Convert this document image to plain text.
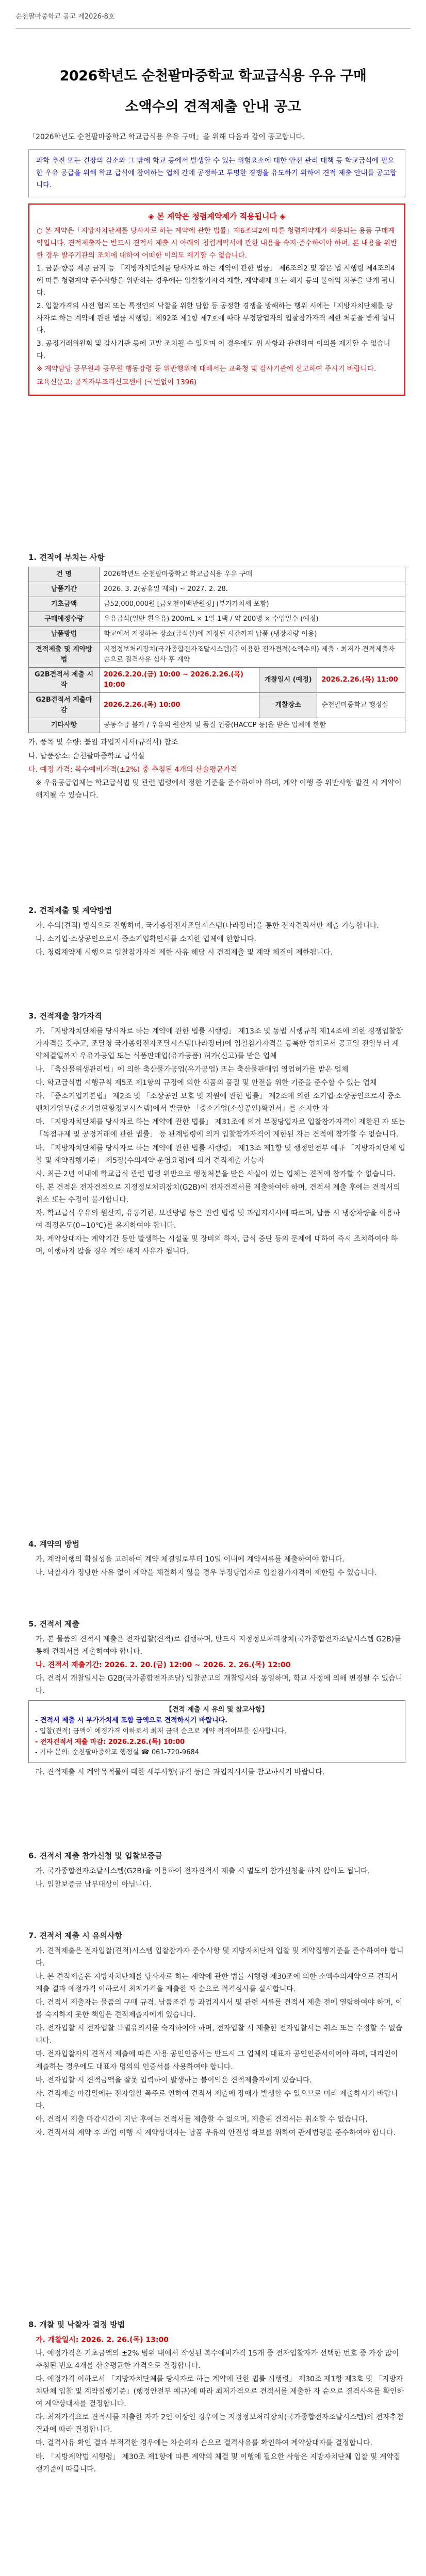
순천팔마중학교 공고 제2026-8호
2026학년도 순천팔마중학교 학교급식용 우유 구매
소액수의 견적제출 안내 공고
「2026학년도 순천팔마중학교 학교급식용 우유 구매」을 위해 다음과 같이 공고합니다.
과학 추진 또는 긴장의 감소와 그 밖에 학교 등에서 발생할 수 있는 위험요소에 대한 안전 관리 대책 등 학교급식에 필요한 우유 공급을 위해 학교 급식에 참여하는 업체 간에 공정하고 투명한 경쟁을 유도하기 위하여 견적 제출 안내를 공고합니다.
◈ 본 계약은 청렴계약제가 적용됩니다 ◈

○ 본 계약은「지방자치단체를 당사자로 하는 계약에 관한 법률」제6조의2에 따른 청렴계약제가 적용되는 용품 구매계약입니다. 견적제출자는 반드시 견적서 제출 시 아래의 청렴계약서에 관한 내용을 숙지·준수하여야 하며, 본 내용을 위반한 경우 발주기관의 조치에 대하여 어떠한 이의도 제기할 수 없습니다.

1. 금품·향응 제공 금지 등 「지방자치단체를 당사자로 하는 계약에 관한 법률」 제6조의2 및 같은 법 시행령 제4조의4에 따른 청렴계약 준수사항을 위반하는 경우에는 입찰참가자격 제한, 계약해제 또는 해지 등의 불이익 처분을 받게 됩니다.

2. 입찰가격의 사전 협의 또는 특정인의 낙찰을 위한 담합 등 공정한 경쟁을 방해하는 행위 시에는「지방자치단체를 당사자로 하는 계약에 관한 법률 시행령」제92조 제1항 제7호에 따라 부정당업자의 입찰참가자격 제한 처분을 받게 됩니다.

3. 공정거래위원회 및 감사기관 등에 고발 조치될 수 있으며 이 경우에도 위 사항과 관련하여 이의를 제기할 수 없습니다.

※ 계약담당 공무원과 공무원 행동강령 등 위반행위에 대해서는 교육청 및 감사기관에 신고하여 주시기 바랍니다.

교육신문고: 공직자부조리신고센터 (국번없이 1396)

1. 견적에 부치는 사항
건 명	2026학년도 순천팔마중학교 학교급식용 우유 구매		
납품기간	2026. 3. 2(공휴일 제외) ~ 2027. 2. 28.		
기초금액	금52,000,000원 [금오천이백만원정] (부가가치세 포함)		
구매예정수량	우유급식(일반 흰우유) 200mL × 1일 1팩 / 약 200명 × 수업일수 (예정)		
납품방법	학교에서 지정하는 장소(급식실)에 지정된 시간까지 납품 (냉장차량 이용)		
견적제출 및 계약방법	지정정보처리장치(국가종합전자조달시스템)를 이용한 전자견적(소액수의) 제출 · 최저가 견적제출자 순으로 결격사유 심사 후 계약		
G2B견적서 제출 시작	2026.2.20.(금) 10:00 ~ 2026.2.26.(목) 10:00	개찰일시 (예정)	2026.2.26.(목) 11:00
G2B견적서 제출마감	2026.2.26.(목) 10:00	개찰장소	순천팔마중학교 행정실
기타사항	공동수급 불가 / 우유의 원산지 및 품질 인증(HACCP 등)을 받은 업체에 한함		

가. 품목 및 수량: 붙임 과업지시서(규격서) 참조

나. 납품장소: 순천팔마중학교 급식실

다. 예정 가격: 복수예비가격(±2%) 중 추첨된 4개의 산술평균가격

※ 우유공급업체는 학교급식법 및 관련 법령에서 정한 기준을 준수하여야 하며, 계약 이행 중 위반사항 발견 시 계약이 해지될 수 있습니다.

2. 견적제출 및 계약방법

가. 수의(견적) 방식으로 진행하며, 국가종합전자조달시스템(나라장터)을 통한 전자견적서만 제출 가능합니다.

나. 소기업·소상공인으로서 중소기업확인서를 소지한 업체에 한합니다.

다. 청렴계약제 시행으로 입찰참가자격 제한 사유 해당 시 견적제출 및 계약 체결이 제한됩니다.

3. 견적제출 참가자격

가. 「지방자치단체를 당사자로 하는 계약에 관한 법률 시행령」 제13조 및 동법 시행규칙 제14조에 의한 경쟁입찰참가자격을 갖추고, 조달청 국가종합전자조달시스템(나라장터)에 입찰참가자격을 등록한 업체로서 공고일 전일부터 계약체결일까지 우유가공업 또는 식품판매업(유가공품) 허가(신고)를 받은 업체

나. 「축산물위생관리법」에 의한 축산물가공업(유가공업) 또는 축산물판매업 영업허가를 받은 업체

다. 학교급식법 시행규칙 제5조 제1항의 규정에 의한 식품의 품질 및 안전을 위한 기준을 준수할 수 있는 업체

라. 「중소기업기본법」 제2조 및 「소상공인 보호 및 지원에 관한 법률」 제2조에 의한 소기업·소상공인으로서 중소벤처기업부(중소기업현황정보시스템)에서 발급한 「중소기업(소상공인)확인서」를 소지한 자

마. 「지방자치단체를 당사자로 하는 계약에 관한 법률」 제31조에 의거 부정당업자로 입찰참가자격이 제한된 자 또는 「독점규제 및 공정거래에 관한 법률」 등 관계법령에 의거 입찰참가자격이 제한된 자는 견적에 참가할 수 없습니다.

바. 「지방자치단체를 당사자로 하는 계약에 관한 법률 시행령」 제13조 제1항 및 행정안전부 예규 「지방자치단체 입찰 및 계약집행기준」 제5장(수의계약 운영요령)에 의거 견적제출 가능자

사. 최근 2년 이내에 학교급식 관련 법령 위반으로 행정처분을 받은 사실이 있는 업체는 견적에 참가할 수 없습니다.

아. 본 견적은 전자견적으로 지정정보처리장치(G2B)에 전자견적서를 제출하여야 하며, 견적서 제출 후에는 견적서의 취소 또는 수정이 불가합니다.

자. 학교급식 우유의 원산지, 유통기한, 보관방법 등은 관련 법령 및 과업지시서에 따르며, 납품 시 냉장차량을 이용하여 적정온도(0~10℃)를 유지하여야 합니다.

차. 계약상대자는 계약기간 동안 발생하는 시설물 및 장비의 하자, 급식 중단 등의 문제에 대하여 즉시 조치하여야 하며, 이행하지 않을 경우 계약 해지 사유가 됩니다.

4. 계약의 방법

가. 계약이행의 확실성을 고려하여 계약 체결일로부터 10일 이내에 계약서류를 제출하여야 합니다.

나. 낙찰자가 정당한 사유 없이 계약을 체결하지 않을 경우 부정당업자로 입찰참가자격이 제한될 수 있습니다.

5. 견적서 제출

가. 본 물품의 견적서 제출은 전자입찰(견적)로 집행하며, 반드시 지정정보처리장치(국가종합전자조달시스템 G2B)를 통해 견적서를 제출하여야 합니다.

나. 견적서 제출기간: 2026. 2. 20.(금) 12:00 ~ 2026. 2. 26.(목) 12:00

다. 견적서 개찰일시는 G2B(국가종합전자조달) 입찰공고의 개찰일시와 동일하며, 학교 사정에 의해 변경될 수 있습니다.

【견적 제출 시 유의 및 참고사항】
- 견적서 제출 시 부가가치세 포함 금액으로 견적하시기 바랍니다.
- 입찰(견적) 금액이 예정가격 이하로서 최저 금액 순으로 계약 적격여부를 심사합니다.
- 전자견적서 제출 마감: 2026.2.26.(목) 10:00
- 기타 문의: 순천팔마중학교 행정실 ☎ 061-720-9684

라. 견적제출 시 계약목적물에 대한 세부사항(규격 등)은 과업지시서를 참고하시기 바랍니다.

6. 견적서 제출 참가신청 및 입찰보증금

가. 국가종합전자조달시스템(G2B)을 이용하여 전자견적서 제출 시 별도의 참가신청을 하지 않아도 됩니다.

나. 입찰보증금 납부대상이 아닙니다.

7. 견적서 제출 시 유의사항

가. 견적제출은 전자입찰(견적)시스템 입찰참가자 준수사항 및 지방자치단체 입찰 및 계약집행기준을 준수하여야 합니다.

나. 본 견적제출은 지방자치단체를 당사자로 하는 계약에 관한 법률 시행령 제30조에 의한 소액수의계약으로 견적서 제출 결과 예정가격 이하로서 최저가격을 제출한 자 순으로 적격심사를 실시합니다.

다. 견적서 제출자는 물품의 구매 규격, 납품조건 등 과업지시서 및 관련 서류를 견적서 제출 전에 열람하여야 하며, 이를 숙지하지 못한 책임은 견적제출자에게 있습니다.

라. 전자입찰 시 전자입찰 특별유의서를 숙지하여야 하며, 전자입찰 시 제출한 전자입찰서는 취소 또는 수정할 수 없습니다.

마. 전자입찰자의 견적서 제출에 따른 사용 공인인증서는 반드시 그 업체의 대표자 공인인증서이어야 하며, 대리인이 제출하는 경우에도 대표자 명의의 인증서를 사용하여야 합니다.

바. 전자입찰 시 견적금액을 잘못 입력하여 발생하는 불이익은 견적제출자에게 있습니다.

사. 견적제출 마감일에는 전자입찰 폭주로 인하여 견적서 제출에 장애가 발생할 수 있으므로 미리 제출하시기 바랍니다.

아. 견적서 제출 마감시간이 지난 후에는 견적서를 제출할 수 없으며, 제출된 견적서는 취소할 수 없습니다.

자. 견적서의 계약 후 과업 이행 시 계약상대자는 납품 우유의 안전성 확보를 위하여 관계법령을 준수하여야 합니다.

8. 개찰 및 낙찰자 결정 방법

가. 개찰일시: 2026. 2. 26.(목) 13:00

나. 예정가격은 기초금액의 ±2% 범위 내에서 작성된 복수예비가격 15개 중 전자입찰자가 선택한 번호 중 가장 많이 추첨된 번호 4개를 산술평균한 가격으로 결정합니다.

다. 예정가격 이하로서 「지방자치단체를 당사자로 하는 계약에 관한 법률 시행령」 제30조 제1항 제3호 및 「지방자치단체 입찰 및 계약집행기준」(행정안전부 예규)에 따라 최저가격으로 견적서를 제출한 자 순으로 결격사유를 확인하여 계약상대자를 결정합니다.

라. 최저가격으로 견적서를 제출한 자가 2인 이상인 경우에는 지정정보처리장치(국가종합전자조달시스템)의 전자추첨 결과에 따라 결정합니다.

마. 결격사유 확인 결과 부적격한 경우에는 차순위자 순으로 결격사유를 확인하여 계약상대자를 결정합니다.

바. 「지방계약법 시행령」 제30조 제1항에 따른 계약의 체결 및 이행에 필요한 사항은 지방자치단체 입찰 및 계약집행기준에 따릅니다.
